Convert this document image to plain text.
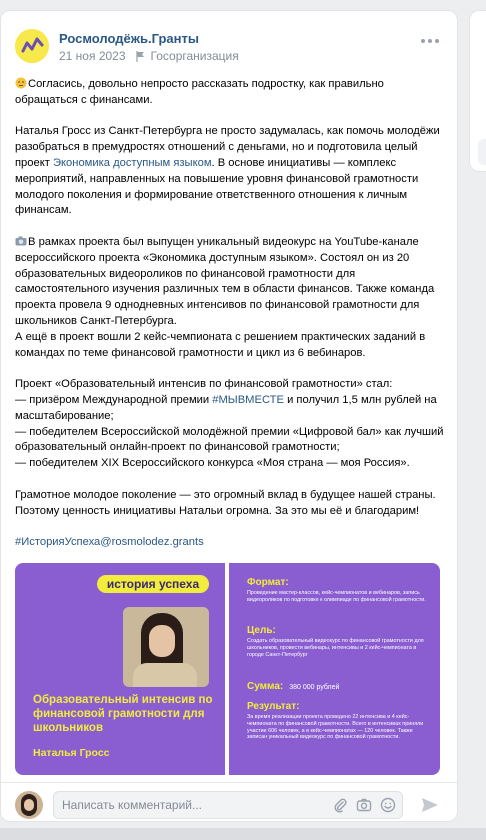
Росмолодёжь.Гранты
21 ноя 2023 Госорганизация

Согласись, довольно непросто рассказать подростку, как правильно обращаться с финансами.

Наталья Гросс из Санкт-Петербурга не просто задумалась, как помочь молодёжи разобраться в премудростях отношений с деньгами, но и подготовила целый проект Экономика доступным языком. В основе инициативы — комплекс мероприятий, направленных на повышение уровня финансовой грамотности молодого поколения и формирование ответственного отношения к личным финансам.

В рамках проекта был выпущен уникальный видеокурс на YouTube-канале всероссийского проекта «Экономика доступным языком». Состоял он из 20 образовательных видеороликов по финансовой грамотности для самостоятельного изучения различных тем в области финансов. Также команда проекта провела 9 однодневных интенсивов по финансовой грамотности для школьников Санкт-Петербурга.

А ещё в проект вошли 2 кейс-чемпионата с решением практических заданий в командах по теме финансовой грамотности и цикл из 6 вебинаров.

Проект «Образовательный интенсив по финансовой грамотности» стал:

— призёром Международной премии #МЫВМЕСТЕ и получил 1,5 млн рублей на масштабирование;

— победителем Всероссийской молодёжной премии «Цифровой бал» как лучший образовательный онлайн-проект по финансовой грамотности;

— победителем XIX Всероссийского конкурса «Моя страна — моя Россия».

Грамотное молодое поколение — это огромный вклад в будущее нашей страны. Поэтому ценность инициативы Натальи огромна. За это мы её и благодарим!

#ИсторияУспеха@rosmolodez.grants

история успеха
Образовательный интенсив по финансовой грамотности для школьников
Наталья Гросс
Формат:
Проведение мастер-классов, кейс-чемпионатов и вебинаров, запись видеороликов по подготовке к олимпиаде по финансовой грамотности.
Цель:
Создать образовательный видеокурс по финансовой грамотности для школьников, провести вебинары, интенсивы и 2 кейс-чемпионата в городе Санкт-Петербург
Сумма: 380 000 рублей
Результат:
За время реализации проекта проведено 22 интенсива и 4 кейс-чемпионата по финансовой грамотности. Всего в интенсивах приняли участие 606 человек, а в кейс-чемпионатах — 120 человек. Также записан уникальный видеокурс по финансовой грамотности.
Написать комментарий...
